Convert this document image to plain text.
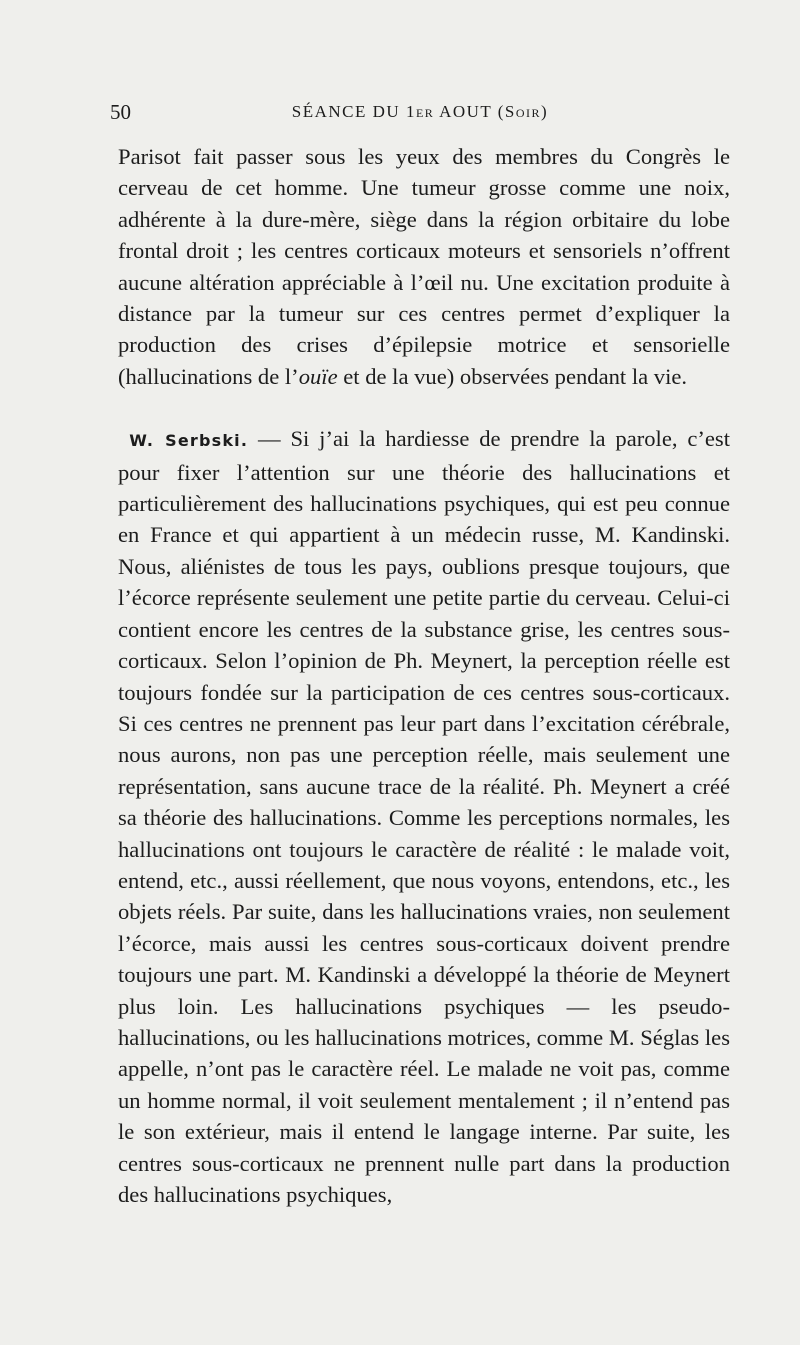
50	SÉANCE DU 1er AOUT (Soir)

Parisot fait passer sous les yeux des membres du Congrès le cerveau de cet homme. Une tumeur grosse comme une noix, adhérente à la dure-mère, siège dans la région orbitaire du lobe frontal droit ; les centres corticaux moteurs et sensoriels n’offrent aucune altération appréciable à l’œil nu. Une excitation produite à distance par la tumeur sur ces centres permet d’expliquer la production des crises d’épilepsie motrice et sensorielle (hallucinations de l’ouïe et de la vue) observées pendant la vie.

W. Serbski. — Si j’ai la hardiesse de prendre la parole, c’est pour fixer l’attention sur une théorie des hallucinations et particulièrement des hallucinations psychiques, qui est peu connue en France et qui appartient à un médecin russe, M. Kandinski. Nous, aliénistes de tous les pays, oublions presque toujours, que l’écorce représente seulement une petite partie du cerveau. Celui-ci contient encore les centres de la substance grise, les centres sous-corticaux. Selon l’opinion de Ph. Meynert, la perception réelle est toujours fondée sur la participation de ces centres sous-corticaux. Si ces centres ne prennent pas leur part dans l’excitation cérébrale, nous aurons, non pas une perception réelle, mais seulement une représentation, sans aucune trace de la réalité. Ph. Meynert a créé sa théorie des hallucinations. Comme les perceptions normales, les hallucinations ont toujours le caractère de réalité : le malade voit, entend, etc., aussi réellement, que nous voyons, entendons, etc., les objets réels. Par suite, dans les hallucinations vraies, non seulement l’écorce, mais aussi les centres sous-corticaux doivent prendre toujours une part. M. Kandinski a développé la théorie de Meynert plus loin. Les hallucinations psychiques — les pseudo-hallucinations, ou les hallucinations motrices, comme M. Séglas les appelle, n’ont pas le caractère réel. Le malade ne voit pas, comme un homme normal, il voit seulement mentalement ; il n’entend pas le son extérieur, mais il entend le langage interne. Par suite, les centres sous-corticaux ne prennent nulle part dans la production des hallucinations psychiques,
